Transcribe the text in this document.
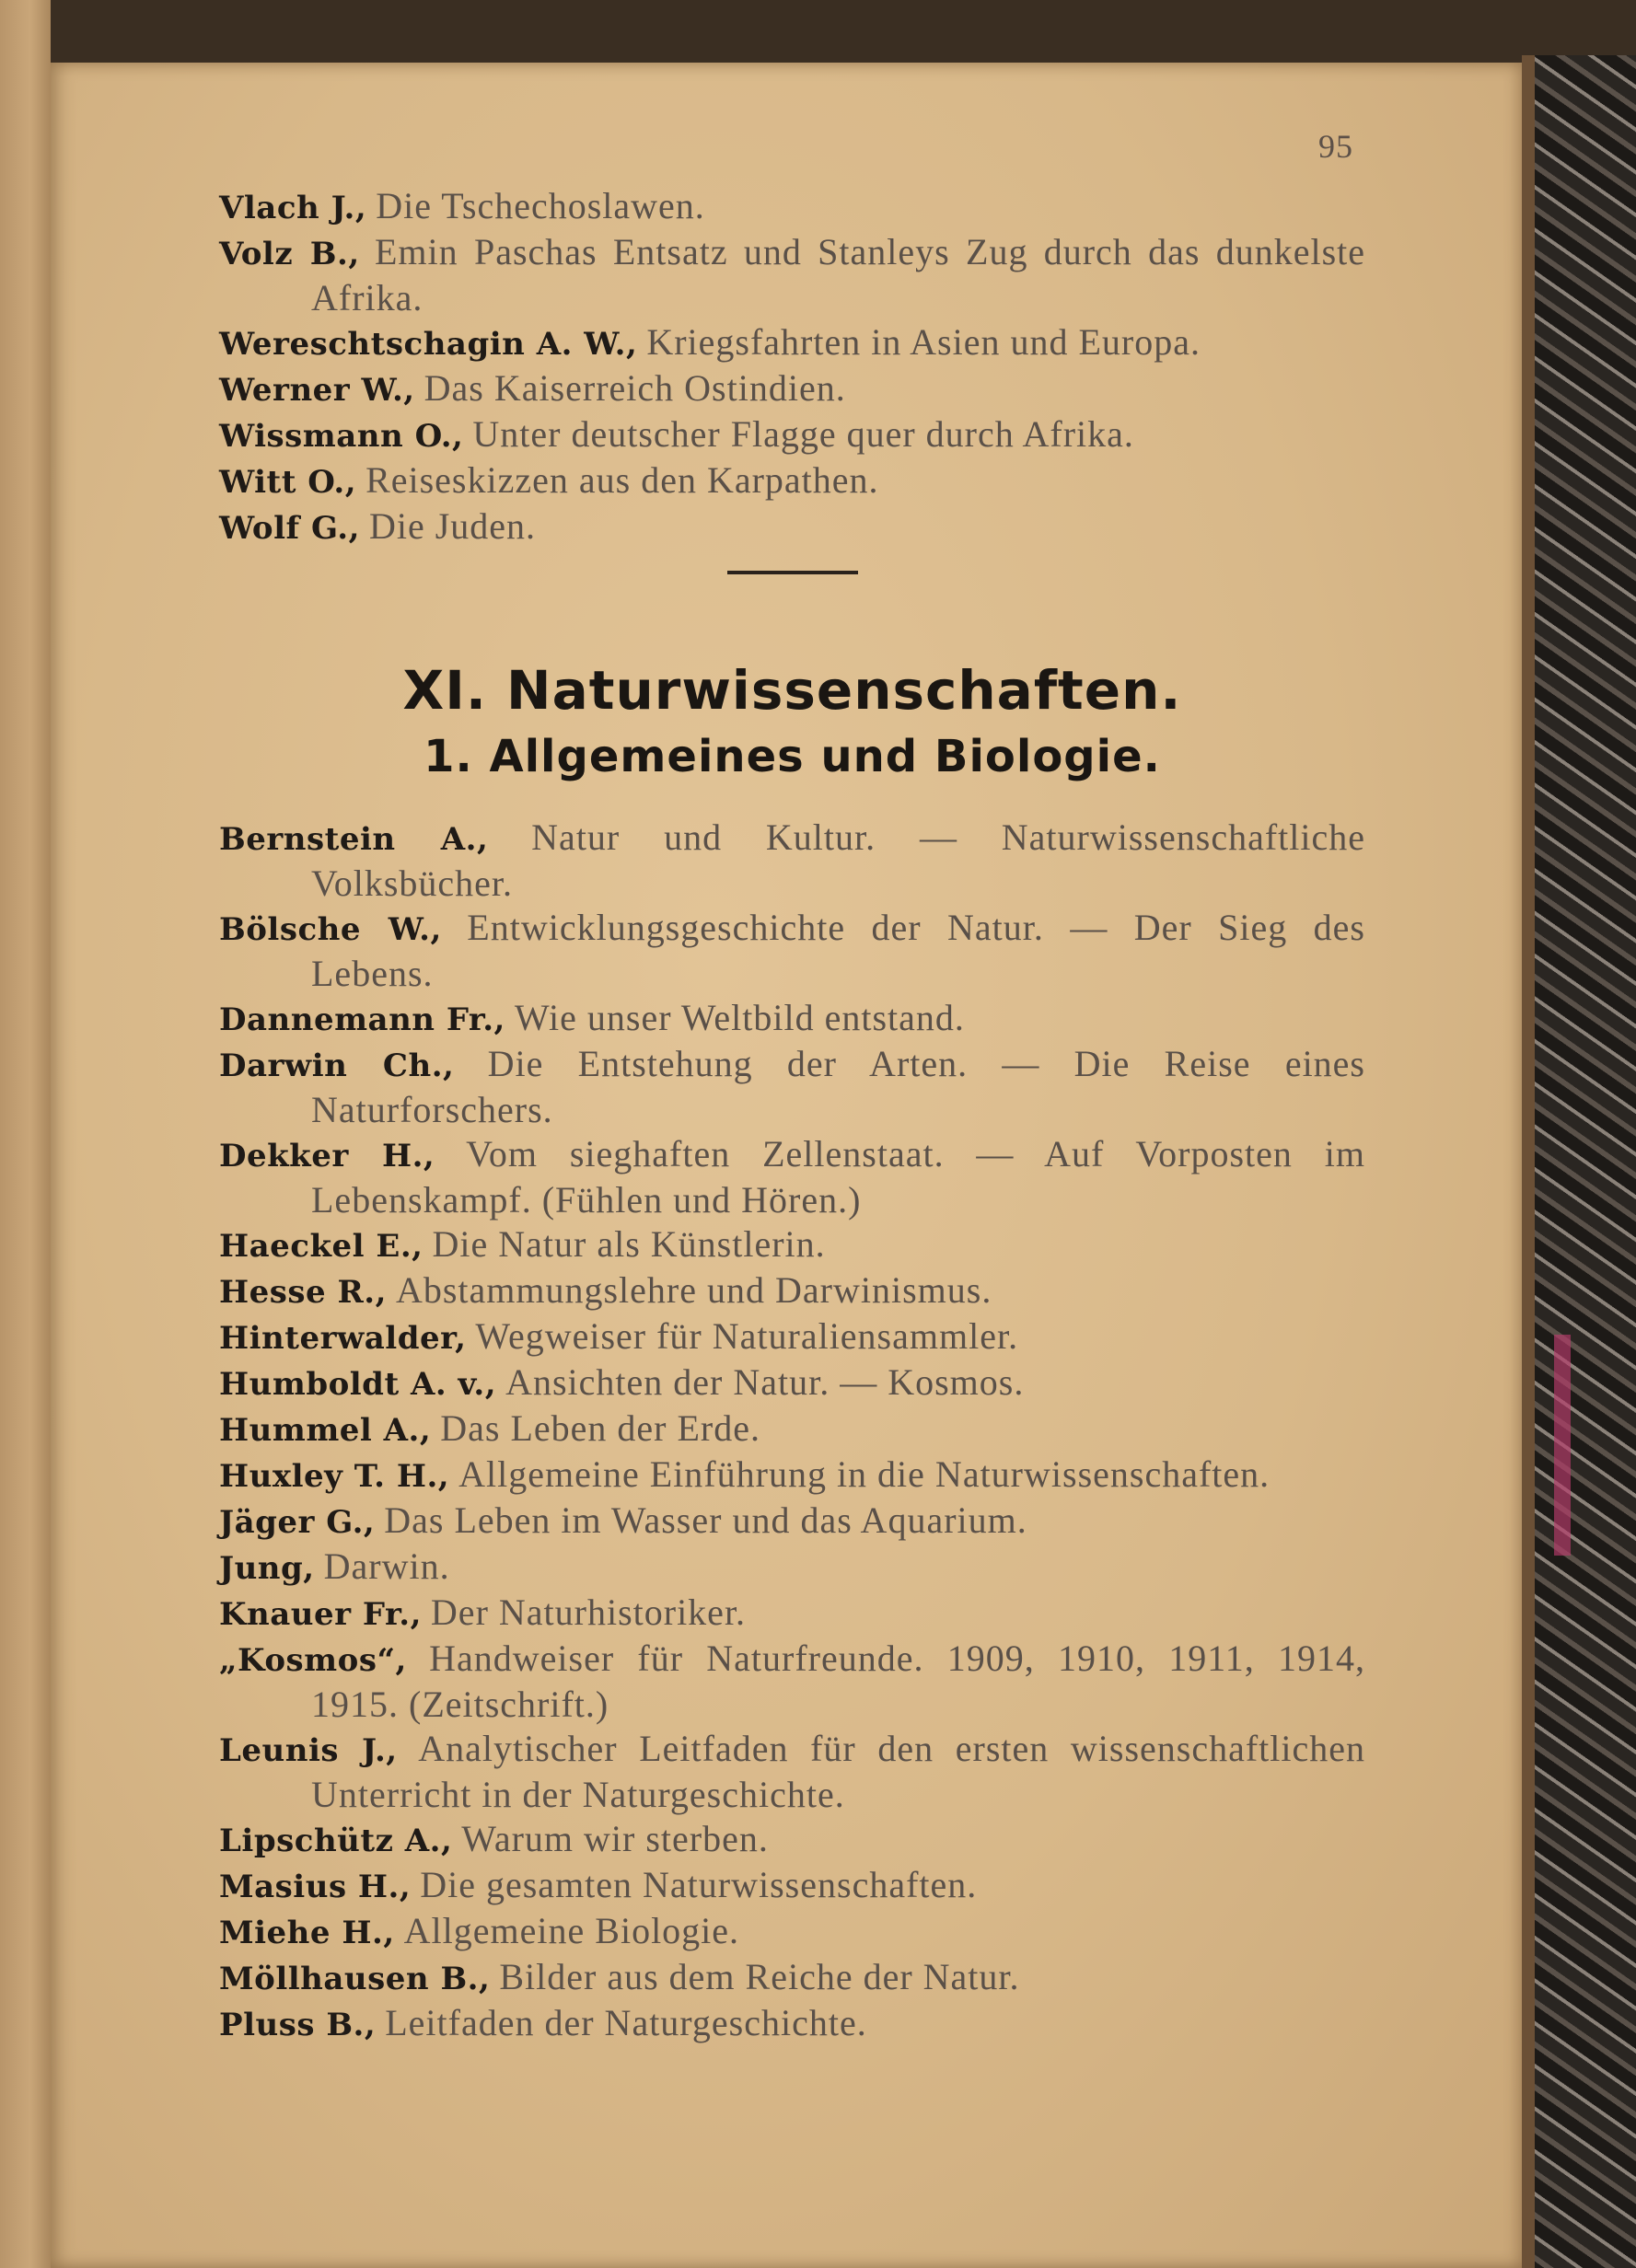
95

Vlach J., Die Tschechoslawen.

Volz B., Emin Paschas Entsatz und Stanleys Zug durch das dunkelste Afrika.

Wereschtschagin A. W., Kriegsfahrten in Asien und Europa.

Werner W., Das Kaiserreich Ostindien.

Wissmann O., Unter deutscher Flagge quer durch Afrika.

Witt O., Reiseskizzen aus den Karpathen.

Wolf G., Die Juden.

XI. Naturwissenschaften.
1. Allgemeines und Biologie.

Bernstein A., Natur und Kultur. — Naturwissenschaftliche Volksbücher.

Bölsche W., Entwicklungsgeschichte der Natur. — Der Sieg des Lebens.

Dannemann Fr., Wie unser Weltbild entstand.

Darwin Ch., Die Entstehung der Arten. — Die Reise eines Naturforschers.

Dekker H., Vom sieghaften Zellenstaat. — Auf Vorposten im Lebenskampf. (Fühlen und Hören.)

Haeckel E., Die Natur als Künstlerin.

Hesse R., Abstammungslehre und Darwinismus.

Hinterwalder, Wegweiser für Naturaliensammler.

Humboldt A. v., Ansichten der Natur. — Kosmos.

Hummel A., Das Leben der Erde.

Huxley T. H., Allgemeine Einführung in die Naturwissenschaften.

Jäger G., Das Leben im Wasser und das Aquarium.

Jung, Darwin.

Knauer Fr., Der Naturhistoriker.

„Kosmos“, Handweiser für Naturfreunde. 1909, 1910, 1911, 1914, 1915. (Zeitschrift.)

Leunis J., Analytischer Leitfaden für den ersten wissenschaftlichen Unterricht in der Naturgeschichte.

Lipschütz A., Warum wir sterben.

Masius H., Die gesamten Naturwissenschaften.

Miehe H., Allgemeine Biologie.

Möllhausen B., Bilder aus dem Reiche der Natur.

Pluss B., Leitfaden der Naturgeschichte.
